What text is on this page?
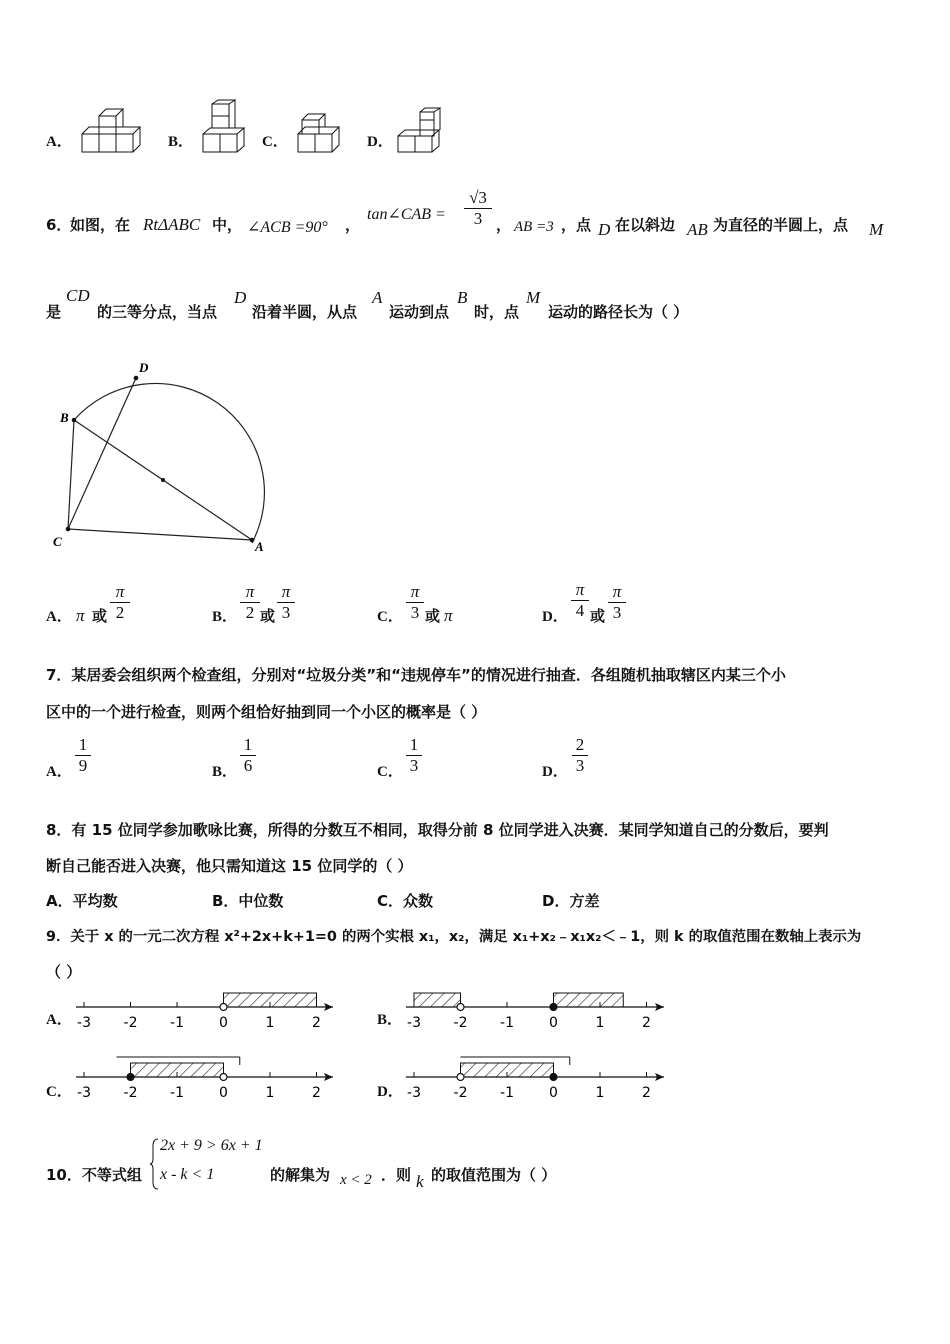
A．	B．	C．	D．
6．
如图，在 RtΔABC 中， ∠ACB =90° ，
tan∠CAB = $\frac{√3}{3}$ ， AB =3 ，点 D 在以斜边 AB 为直径的半圆上，点 M
是
CD
的三等分点，当点
D
沿着半圆，从点
A
运动到点
B
时，点
M
运动的路径长为（ ）
D
B
C	A
A． π 或 $\frac{\pi}{2}$	B． $\frac{\pi}{2}$ 或 $\frac{\pi}{3}$	C． $\frac{\pi}{3}$ 或 π	D． $\frac{\pi}{4}$ 或 $\frac{\pi}{3}$
7．某居委会组织两个检查组，分别对“垃圾分类”和“违规停车”的情况进行抽查．各组随机抽取辖区内某三个小
区中的一个进行检查，则两个组恰好抽到同一个小区的概率是（ ）
A． $\frac{1}{9}$	B． $\frac{1}{6}$	C． $\frac{1}{3}$	D． $\frac{2}{3}$
8．有 15 位同学参加歌咏比赛，所得的分数互不相同，取得分前 8 位同学进入决赛．某同学知道自己的分数后，要判
断自己能否进入决赛，他只需知道这 15 位同学的（ ）
A．平均数	B．中位数	C．众数	D．方差
9．关于 x 的一元二次方程 x²+2x+k+1=0 的两个实根 x₁，x₂，满足 x₁+x₂﹣x₁x₂＜﹣1，则 k 的取值范围在数轴上表示为
（ ）
A．	B．
C．	D．
-3 -2 -1	0	1	2	-3 -2 -1	0	1	2
-3 -2 -1	0	1	2	-3 -2 -1	0	1	2
10．不等式组
2x + 9 > 6x + 1
x - k < 1	的解集为 x < 2 ．则 k 的取值范围为（ ）
